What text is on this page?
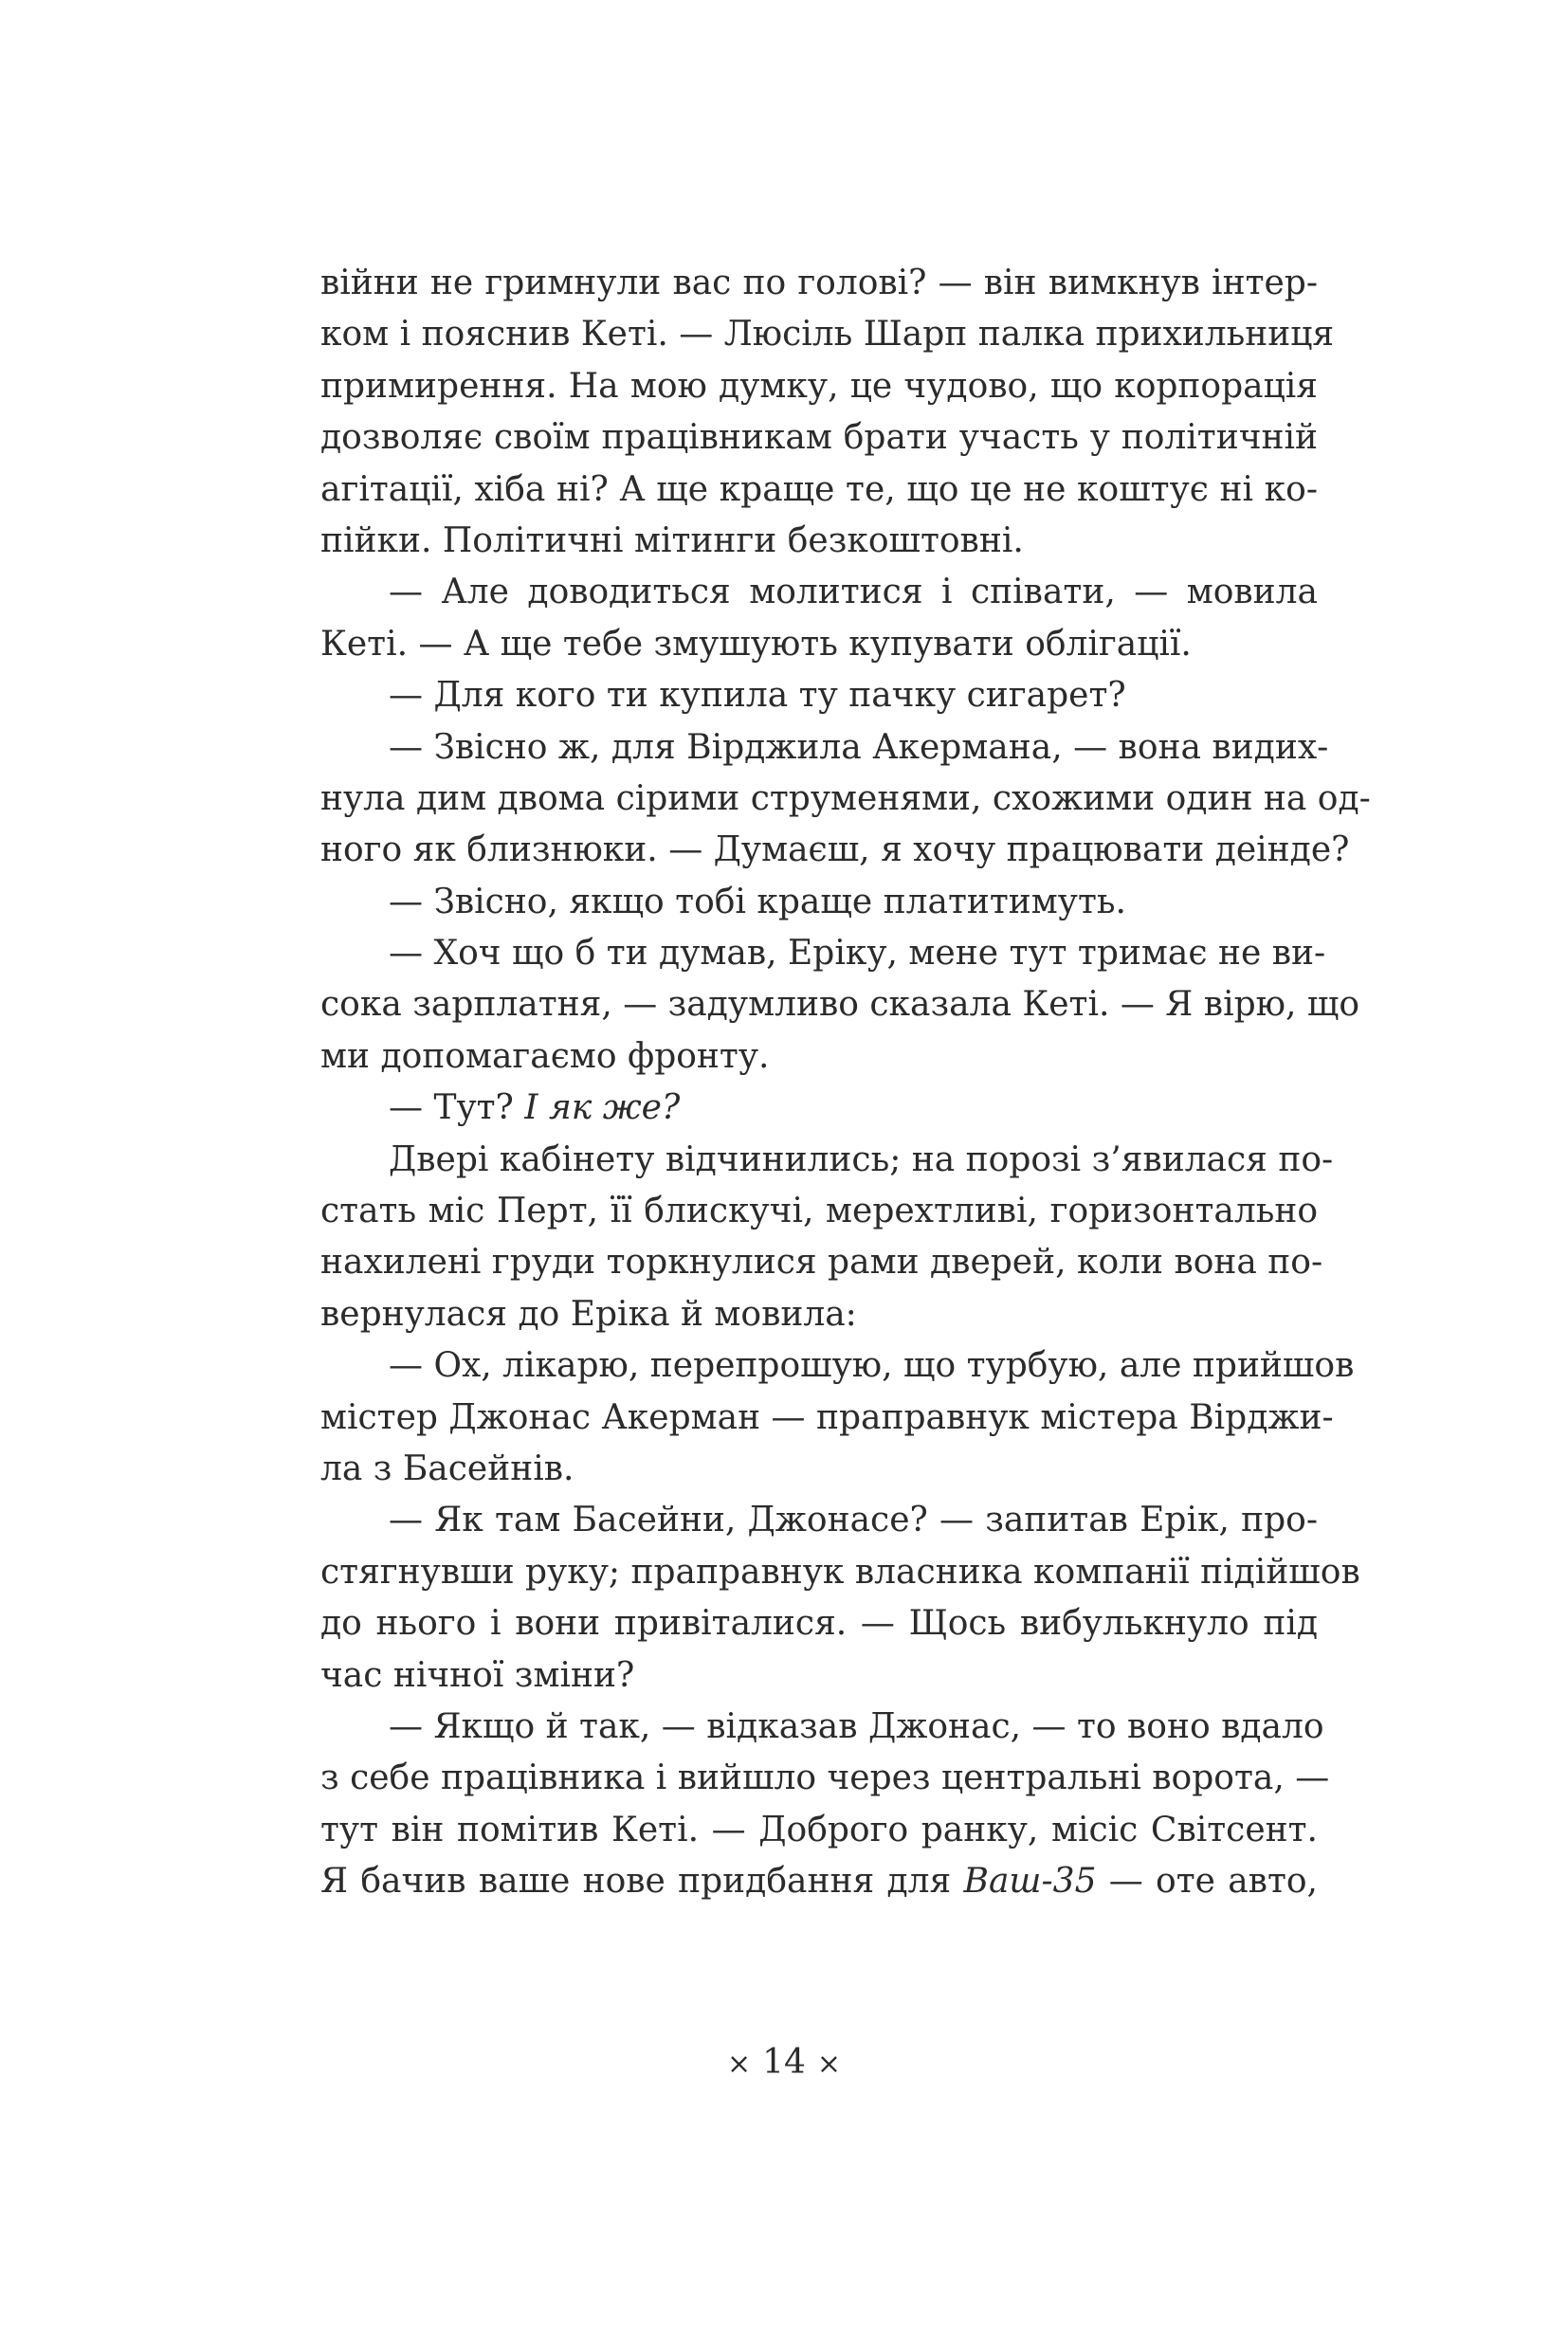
війни не гримнули вас по голові? — він вимкнув інтер-
ком і пояснив Кеті. — Люсіль Шарп палка прихильниця
примирення. На мою думку, це чудово, що корпорація
дозволяє своїм працівникам брати участь у політичній
агітації, хіба ні? А ще краще те, що це не коштує ні ко-
пійки. Політичні мітинги безкоштовні.
— Але доводиться молитися і співати, — мовила
Кеті. — А ще тебе змушують купувати облігації.
— Для кого ти купила ту пачку сигарет?
— Звісно ж, для Вірджила Акермана, — вона видих-
нула дим двома сірими струменями, схожими один на од-
ного як близнюки. — Думаєш, я хочу працювати деінде?
— Звісно, якщо тобі краще платитимуть.
— Хоч що б ти думав, Еріку, мене тут тримає не ви-
сока зарплатня, — задумливо сказала Кеті. — Я вірю, що
ми допомагаємо фронту.
— Тут? І як же?
Двері кабінету відчинились; на порозі з’явилася по-
стать міс Перт, її блискучі, мерехтливі, горизонтально
нахилені груди торкнулися рами дверей, коли вона по-
вернулася до Еріка й мовила:
— Ох, лікарю, перепрошую, що турбую, але прийшов
містер Джонас Акерман — праправнук містера Вірджи-
ла з Басейнів.
— Як там Басейни, Джонасе? — запитав Ерік, про-
стягнувши руку; праправнук власника компанії підійшов
до нього і вони привіталися. — Щось вибулькнуло під
час нічної зміни?
— Якщо й так, — відказав Джонас, — то воно вдало
з себе працівника і вийшло через центральні ворота, —
тут він помітив Кеті. — Доброго ранку, місіс Світсент.
Я бачив ваше нове придбання для Ваш-35 — оте авто,
× 14 ×
